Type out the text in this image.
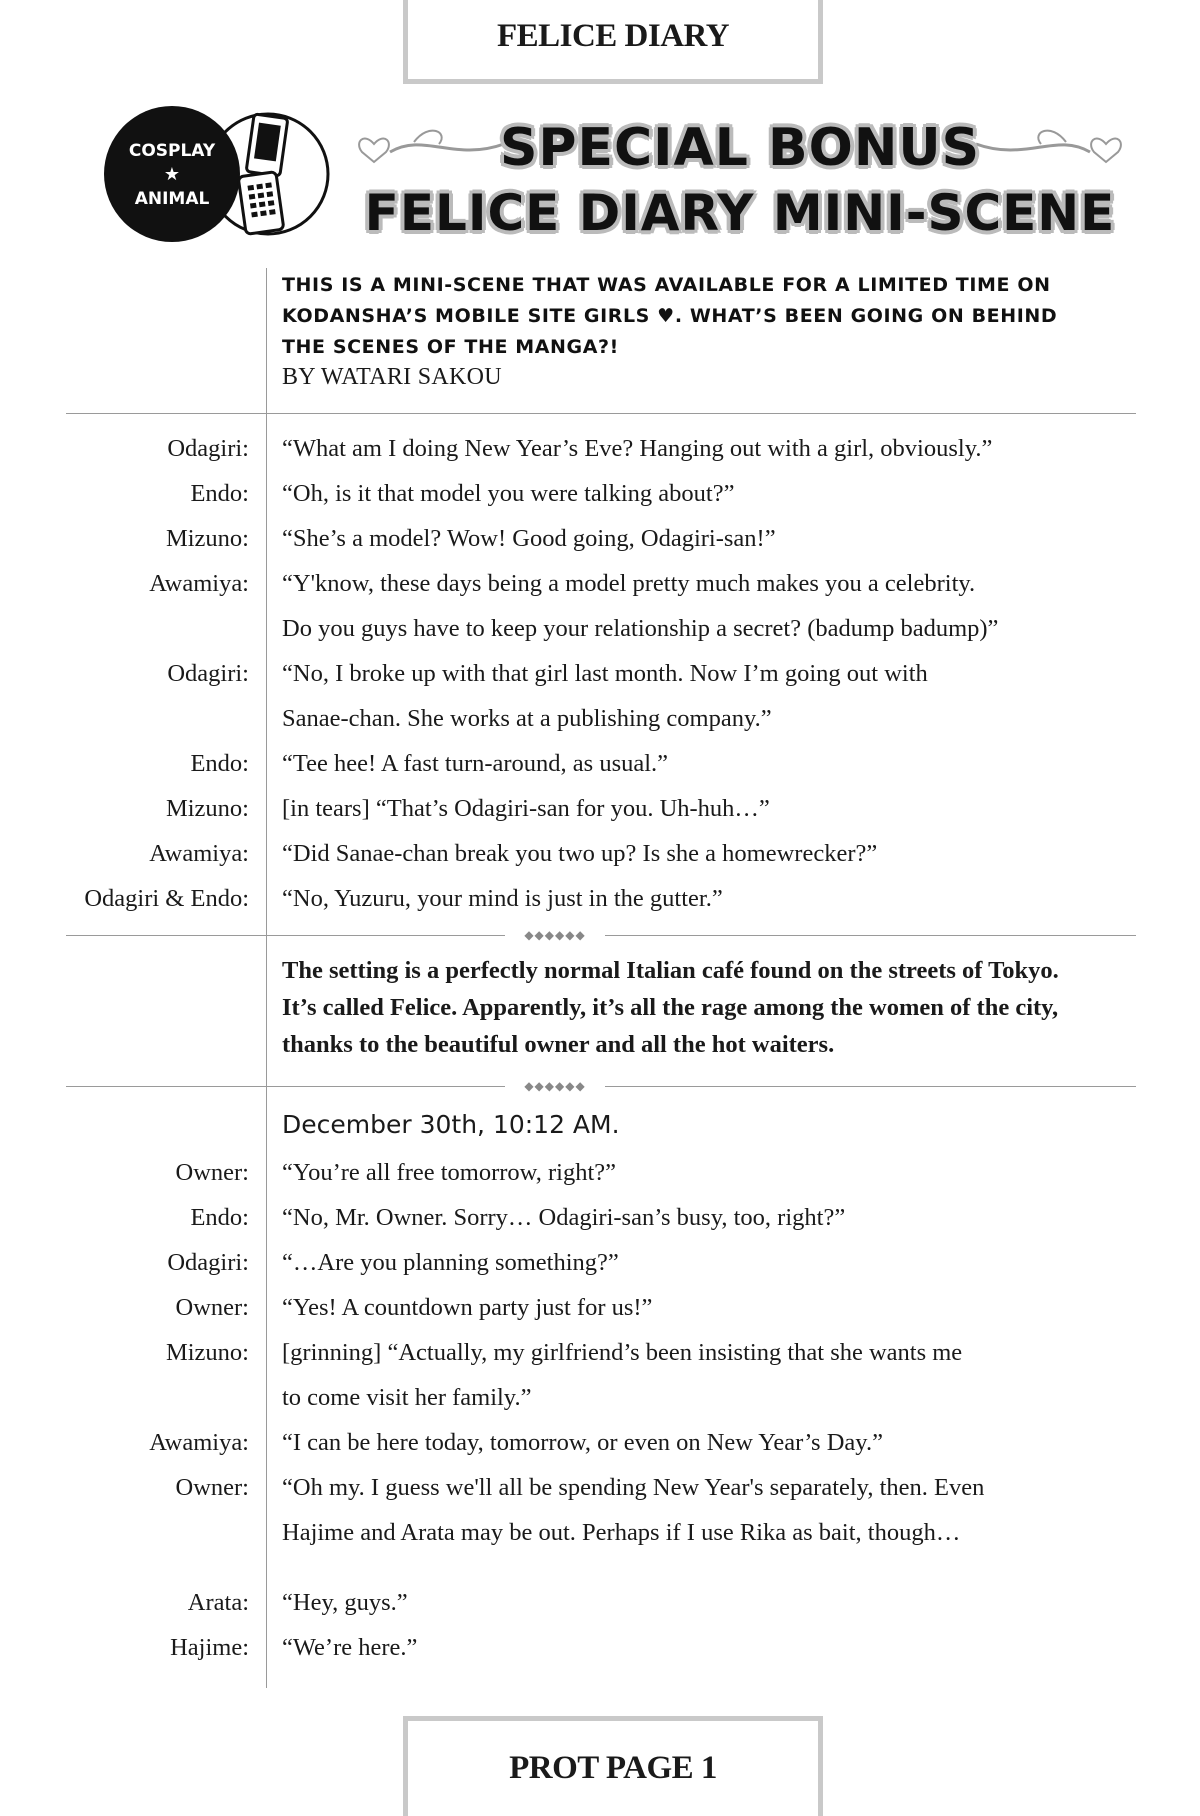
FELICE DIARY
COSPLAY
★
ANIMAL
SPECIAL BONUS
FELICE DIARY MINI-SCENE
◆◆◆◆◆◆
◆◆◆◆◆◆
THIS IS A MINI-SCENE THAT WAS AVAILABLE FOR A LIMITED TIME ON
KODANSHA’S MOBILE SITE GIRLS ♥. WHAT’S BEEN GOING ON BEHIND
THE SCENES OF THE MANGA?!
BY WATARI SAKOU
Odagiri: “What am I doing New Year’s Eve? Hanging out with a girl, obviously.”
Endo: “Oh, is it that model you were talking about?”
Mizuno: “She’s a model? Wow! Good going, Odagiri-san!”
Awamiya: “Y'know, these days being a model pretty much makes you a celebrity.
Do you guys have to keep your relationship a secret? (badump badump)”
Odagiri: “No, I broke up with that girl last month. Now I’m going out with
Sanae-chan. She works at a publishing company.”
Endo: “Tee hee! A fast turn-around, as usual.”
Mizuno: [in tears] “That’s Odagiri-san for you. Uh-huh…”
Awamiya: “Did Sanae-chan break you two up? Is she a homewrecker?”
Odagiri & Endo: “No, Yuzuru, your mind is just in the gutter.”
The setting is a perfectly normal Italian café found on the streets of Tokyo.
It’s called Felice. Apparently, it’s all the rage among the women of the city,
thanks to the beautiful owner and all the hot waiters.
December 30th, 10:12 AM.
Owner: “You’re all free tomorrow, right?”
Endo: “No, Mr. Owner. Sorry… Odagiri-san’s busy, too, right?”
Odagiri: “…Are you planning something?”
Owner: “Yes! A countdown party just for us!”
Mizuno: [grinning] “Actually, my girlfriend’s been insisting that she wants me
to come visit her family.”
Awamiya: “I can be here today, tomorrow, or even on New Year’s Day.”
Owner: “Oh my. I guess we'll all be spending New Year's separately, then. Even
Hajime and Arata may be out. Perhaps if I use Rika as bait, though…
Arata: “Hey, guys.”
Hajime: “We’re here.”
PROT PAGE 1
